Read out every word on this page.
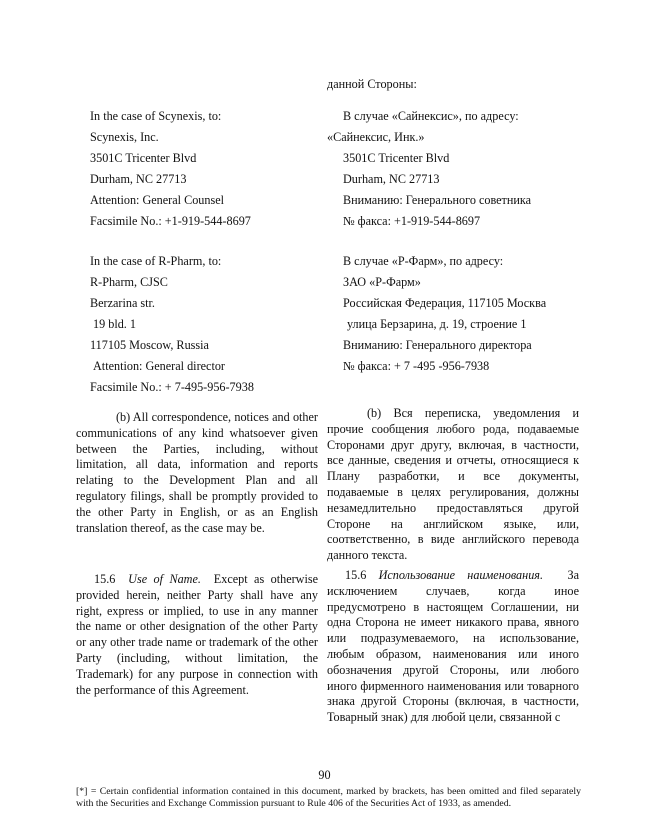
данной Стороны:
In the case of Scynexis, to:
Scynexis, Inc.
3501C Tricenter Blvd
Durham, NC 27713
Attention: General Counsel
Facsimile No.: +1-919-544-8697
В случае «Сайнексис», по адресу:
«Сайнексис, Инк.»
3501C Tricenter Blvd
Durham, NC 27713
Вниманию: Генерального советника
№ факса: +1-919-544-8697
In the case of R-Pharm, to:
R-Pharm, CJSC
Berzarina str.
19 bld. 1
117105 Moscow, Russia
Attention: General director
Facsimile No.: + 7-495-956-7938
В случае «Р-Фарм», по адресу:
ЗАО «Р-Фарм»
Российская Федерация, 117105 Москва
улица Берзарина, д. 19, строение 1
Вниманию: Генерального директора
№ факса: + 7 -495 -956-7938
(b) All correspondence, notices and other communications of any kind whatsoever given between the Parties, including, without limitation, all data, information and reports relating to the Development Plan and all regulatory filings, shall be promptly provided to the other Party in English, or as an English translation thereof, as the case may be.
(b) Вся переписка, уведомления и прочие сообщения любого рода, подаваемые Сторонами друг другу, включая, в частности, все данные, сведения и отчеты, относящиеся к Плану разработки, и все документы, подаваемые в целях регулирования, должны незамедлительно предоставляться другой Стороне на английском языке, или, соответственно, в виде английского перевода данного текста.
15.6 Use of Name. Except as otherwise provided herein, neither Party shall have any right, express or implied, to use in any manner the name or other designation of the other Party or any other trade name or trademark of the other Party (including, without limitation, the Trademark) for any purpose in connection with the performance of this Agreement.
15.6 Использование наименования. За исключением случаев, когда иное предусмотрено в настоящем Соглашении, ни одна Сторона не имеет никакого права, явного или подразумеваемого, на использование, любым образом, наименования или иного обозначения другой Стороны, или любого иного фирменного наименования или товарного знака другой Стороны (включая, в частности, Товарный знак) для любой цели, связанной с
90
[*] = Certain confidential information contained in this document, marked by brackets, has been omitted and filed separately with the Securities and Exchange Commission pursuant to Rule 406 of the Securities Act of 1933, as amended.
